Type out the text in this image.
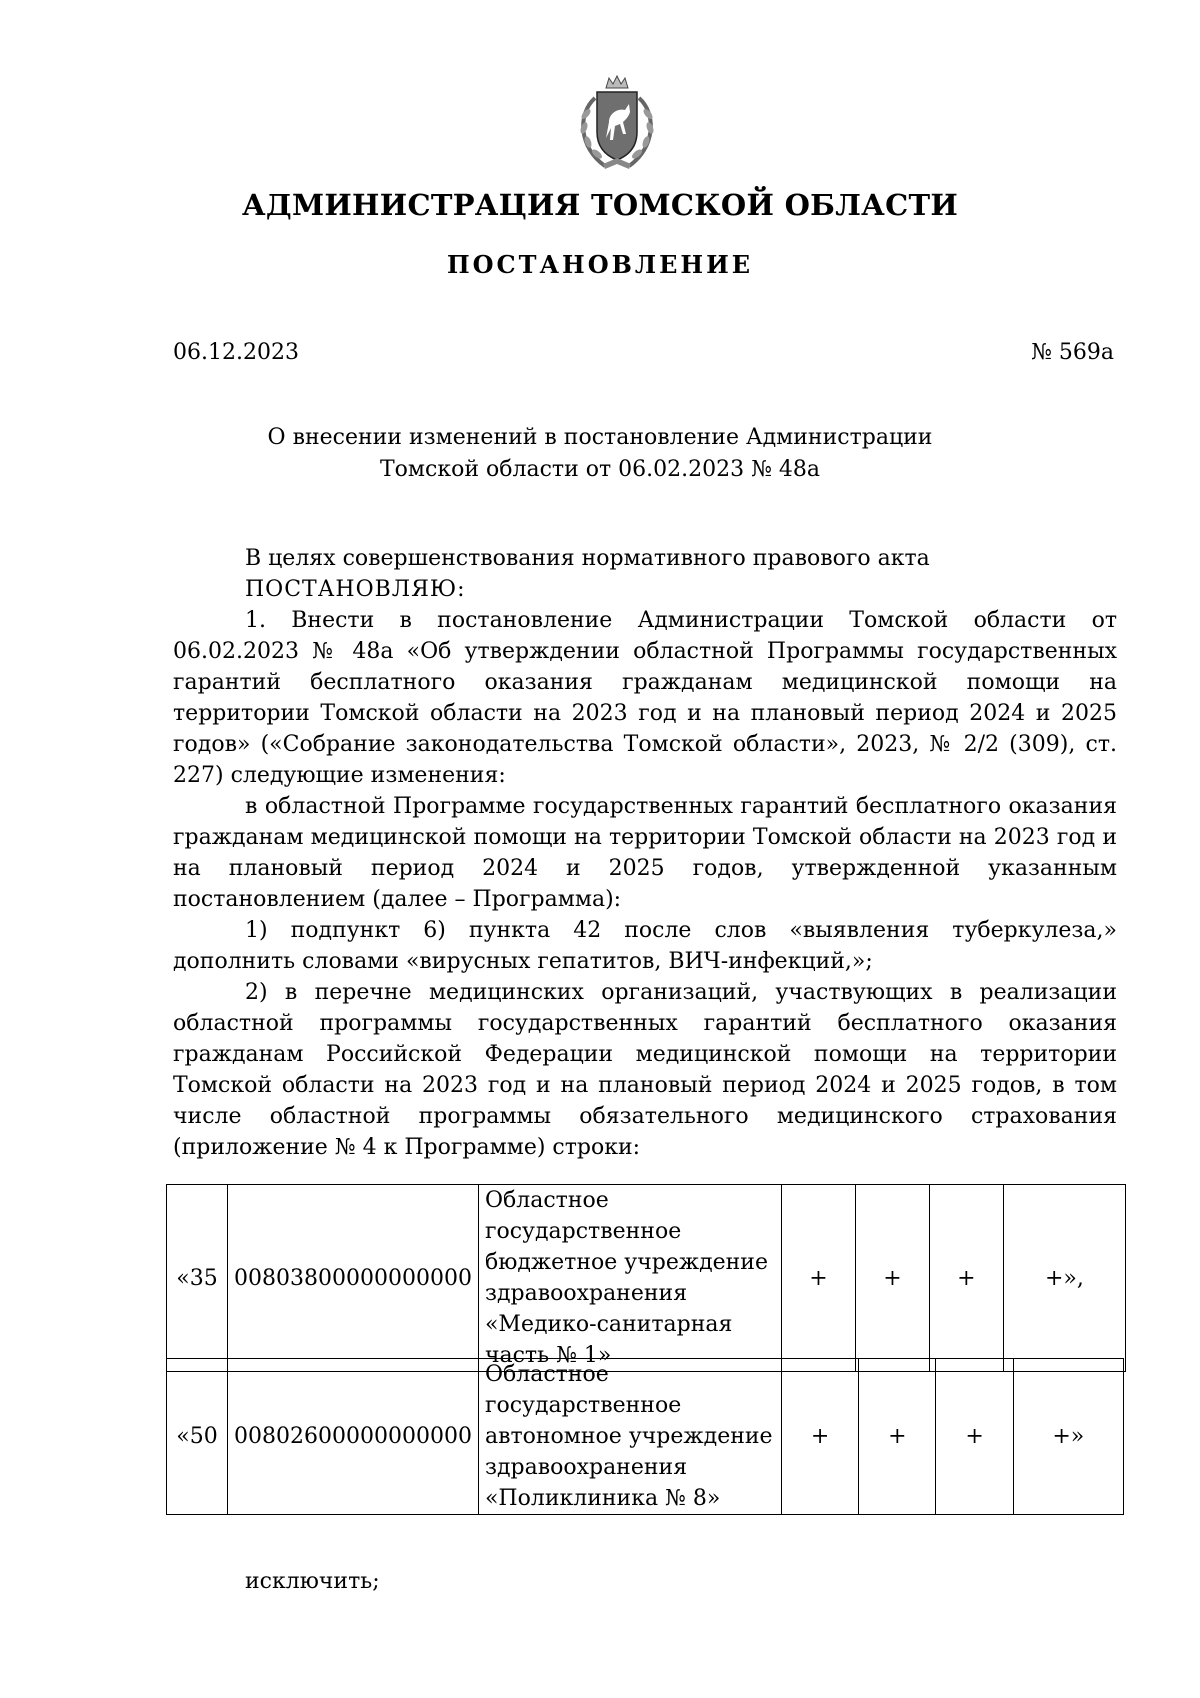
АДМИНИСТРАЦИЯ ТОМСКОЙ ОБЛАСТИ
ПОСТАНОВЛЕНИЕ
06.12.2023	№ 569а
О внесении изменений в постановление Администрации
Томской области от 06.02.2023 № 48а

В целях совершенствования нормативного правового акта

ПОСТАНОВЛЯЮ:

1. Внести в постановление Администрации Томской области от 06.02.2023 № 48а «Об утверждении областной Программы государственных гарантий бесплатного оказания гражданам медицинской помощи на территории Томской области на 2023 год и на плановый период 2024 и 2025 годов» («Собрание законодательства Томской области», 2023, № 2/2 (309), ст. 227) следующие изменения:

в областной Программе государственных гарантий бесплатного оказания гражданам медицинской помощи на территории Томской области на 2023 год и на плановый период 2024 и 2025 годов, утвержденной указанным постановлением (далее – Программа):

1) подпункт 6) пункта 42 после слов «выявления туберкулеза,» дополнить словами «вирусных гепатитов, ВИЧ-инфекций,»;

2) в перечне медицинских организаций, участвующих в реализации областной программы государственных гарантий бесплатного оказания гражданам Российской Федерации медицинской помощи на территории Томской области на 2023 год и на плановый период 2024 и 2025 годов, в том числе областной программы обязательного медицинского страхования (приложение № 4 к Программе) строки:

«35	00803800000000000	Областное государственное бюджетное учреждение здравоохранения «Медико-санитарная часть № 1»	+	+	+	+»,
«50	00802600000000000	Областное государственное автономное учреждение здравоохранения «Поликлиника № 8»	+	+	+	+»
исключить;
